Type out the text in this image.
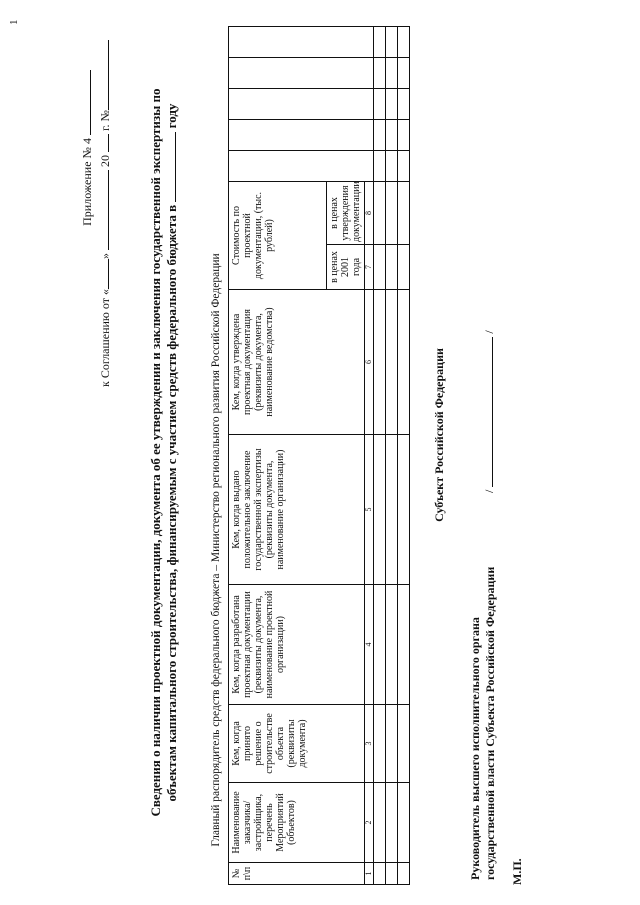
1
Приложение № 4
к Соглашению от «»  20  г. №	Сведения о наличии проектной документации, документа об ее утверждении и заключения государственной экспертизы по объектам капитального строительства, финансируемым с участием средств федерального бюджета в  году
Главный распорядитель средств федерального бюджета – Министерство регионального развития Российской Федерации
№ п\п	Наименование заказчика/застройщика, перечень Мероприятий (объектов)	Кем, когда принято решение о строительстве объекта (реквизиты документа)	Кем, когда разработана проектная документации (реквизиты документа, наименование проектной организации)	Кем, когда выдано положительное заключение государственной экспертизы (реквизиты документа, наименование организации)	Кем, когда утверждена проектная документация (реквизиты документа, наименование ведомства)	Стоимость по проектной документации, (тыс. рублей)						
						в ценах 2001 года	в ценах утверждения документации					
1	2	3	4	5	6	7	8					

Субъект Российской Федерации
Руководитель высшего исполнительного органа государственной власти Субъекта Российской Федерации
/  /
М.П.
